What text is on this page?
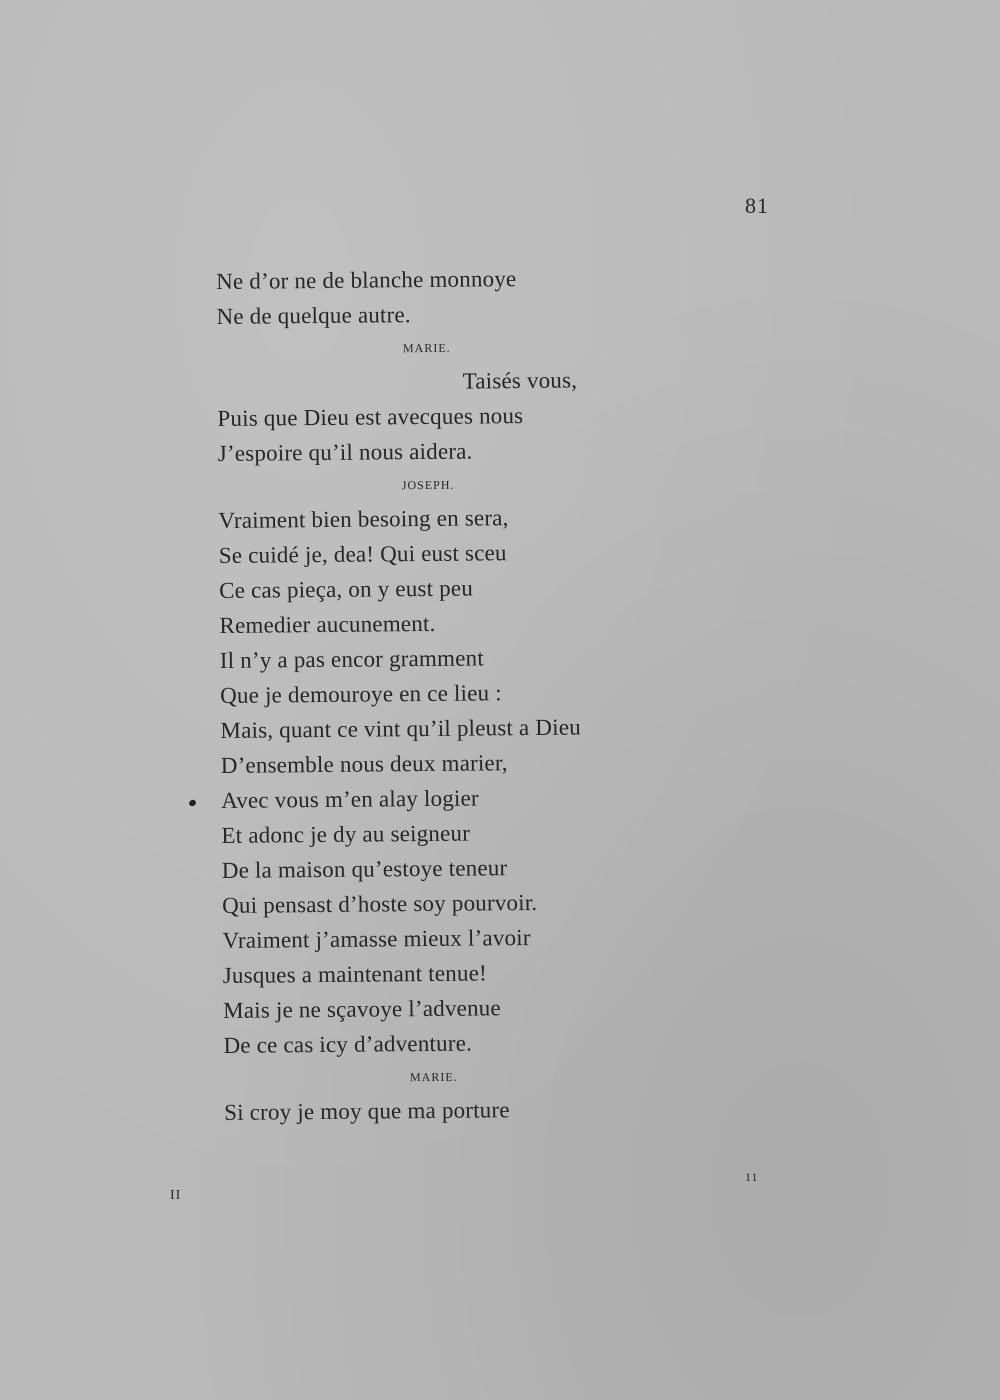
81
Ne d’or ne de blanche monnoye
Ne de quelque autre.
MARIE.
Taisés vous,
Puis que Dieu est avecques nous
J’espoire qu’il nous aidera.
JOSEPH.
Vraiment bien besoing en sera,
Se cuidé je, dea! Qui eust sceu
Ce cas pieça, on y eust peu
Remedier aucunement.
Il n’y a pas encor gramment
Que je demouroye en ce lieu :
Mais, quant ce vint qu’il pleust a Dieu
D’ensemble nous deux marier,
Avec vous m’en alay logier
Et adonc je dy au seigneur
De la maison qu’estoye teneur
Qui pensast d’hoste soy pourvoir.
Vraiment j’amasse mieux l’avoir
Jusques a maintenant tenue!
Mais je ne sçavoye l’advenue
De ce cas icy d’adventure.
MARIE.
Si croy je moy que ma porture
II
11
